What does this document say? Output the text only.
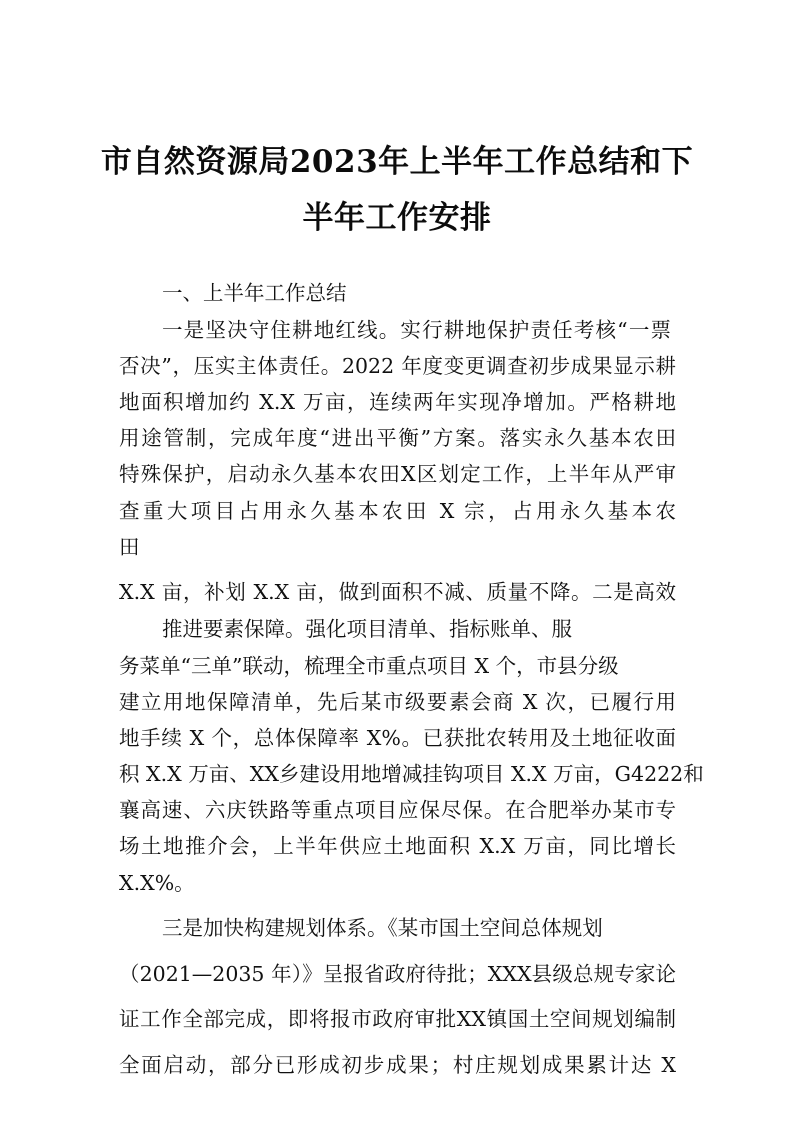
市自然资源局2023年上半年工作总结和下
半年工作安排
一、上半年工作总结
一是坚决守住耕地红线。实行耕地保护责任考核“一票
否决”，压实主体责任。2022 年度变更调查初步成果显示耕
地面积增加约 X.X 万亩，连续两年实现净增加。严格耕地
用途管制，完成年度“进出平衡”方案。落实永久基本农田
特殊保护，启动永久基本农田X区划定工作，上半年从严审
查重大项目占用永久基本农田 X 宗，占用永久基本农
田
X.X 亩，补划 X.X 亩，做到面积不减、质量不降。二是高效
推进要素保障。强化项目清单、指标账单、服
务菜单“三单”联动，梳理全市重点项目 X 个，市县分级
建立用地保障清单，先后某市级要素会商 X 次，已履行用
地手续 X 个，总体保障率 X%。已获批农转用及土地征收面
积 X.X 万亩、XX乡建设用地增减挂钩项目 X.X 万亩，G4222和
襄高速、六庆铁路等重点项目应保尽保。在合肥举办某市专
场土地推介会，上半年供应土地面积 X.X 万亩，同比增长
X.X%。
三是加快构建规划体系。《某市国土空间总体规划
（2021—2035 年）》呈报省政府待批；XXX县级总规专家论
证工作全部完成，即将报市政府审批XX镇国土空间规划编制
全面启动，部分已形成初步成果；村庄规划成果累计达 X
